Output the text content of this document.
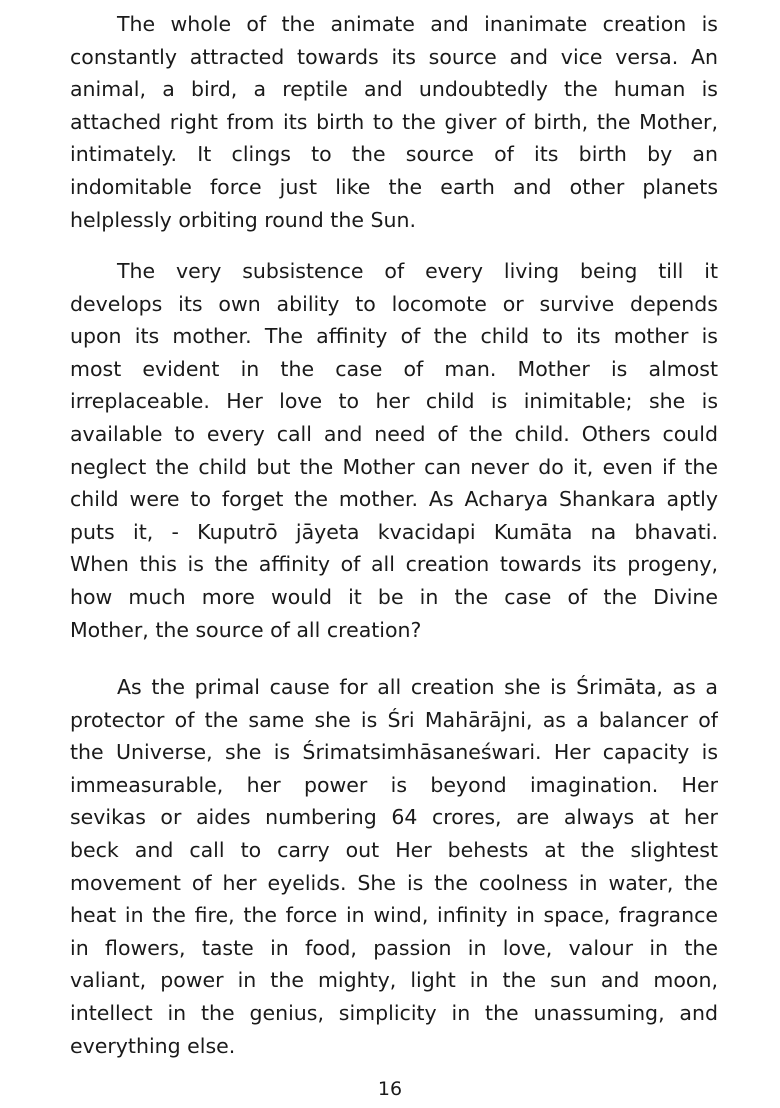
The whole of the animate and inanimate creation is
constantly attracted towards its source and vice versa. An
animal, a bird, a reptile and undoubtedly the human is
attached right from its birth to the giver of birth, the Mother,
intimately. It clings to the source of its birth by an
indomitable force just like the earth and other planets
helplessly orbiting round the Sun.
The very subsistence of every living being till it
develops its own ability to locomote or survive depends
upon its mother. The affinity of the child to its mother is
most evident in the case of man. Mother is almost
irreplaceable. Her love to her child is inimitable; she is
available to every call and need of the child. Others could
neglect the child but the Mother can never do it, even if the
child were to forget the mother. As Acharya Shankara aptly
puts it, - Kuputrō jāyeta kvacidapi Kumāta na bhavati.
When this is the affinity of all creation towards its progeny,
how much more would it be in the case of the Divine
Mother, the source of all creation?
As the primal cause for all creation she is Śrimāta, as a
protector of the same she is Śri Mahārājni, as a balancer of
the Universe, she is Śrimatsimhāsaneśwari. Her capacity is
immeasurable, her power is beyond imagination. Her
sevikas or aides numbering 64 crores, are always at her
beck and call to carry out Her behests at the slightest
movement of her eyelids. She is the coolness in water, the
heat in the fire, the force in wind, infinity in space, fragrance
in flowers, taste in food, passion in love, valour in the
valiant, power in the mighty, light in the sun and moon,
intellect in the genius, simplicity in the unassuming, and
everything else.
16
